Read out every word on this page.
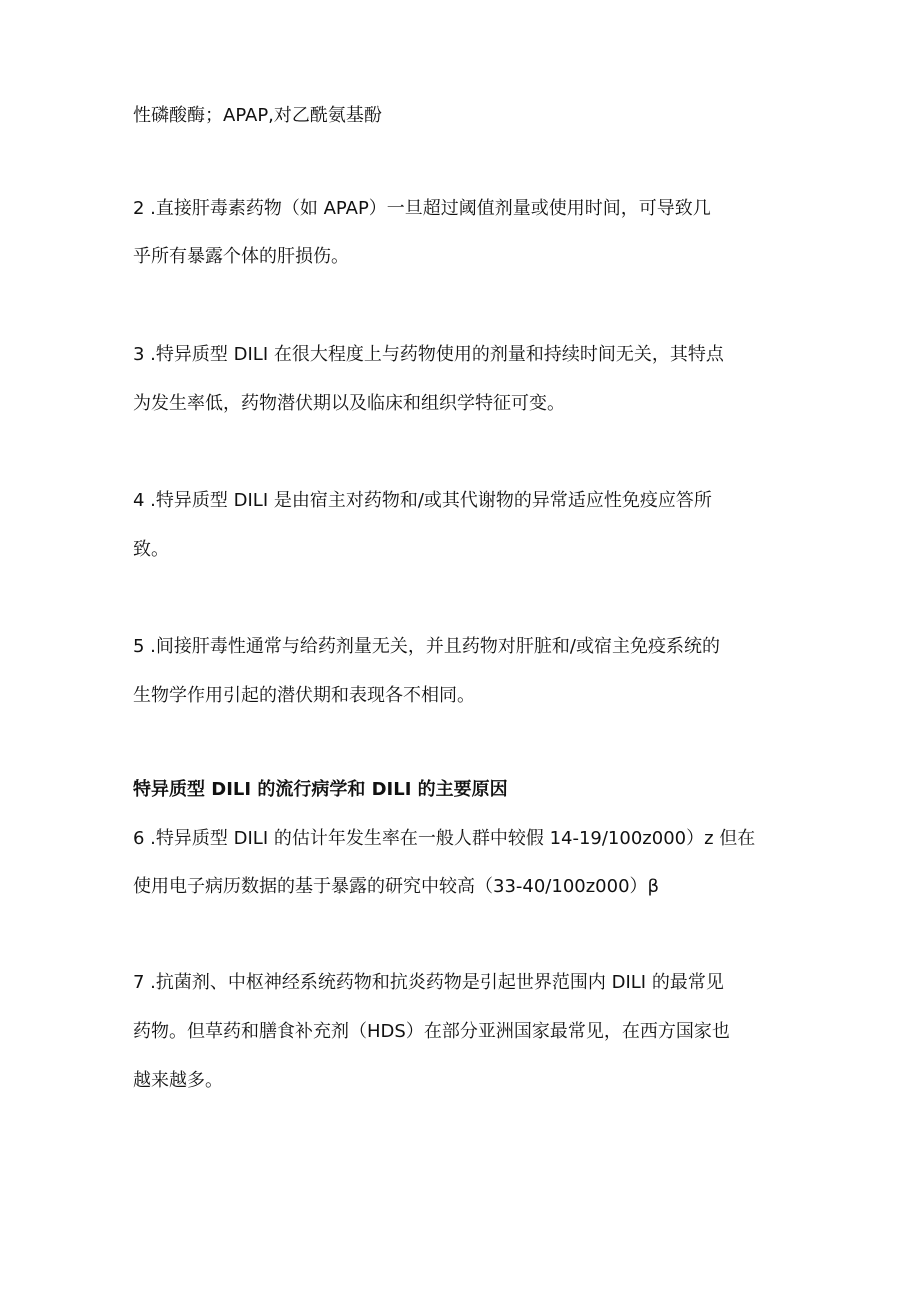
性磷酸酶；APAP,对乙酰氨基酚
2 .直接肝毒素药物（如 APAP）一旦超过阈值剂量或使用时间，可导致几
乎所有暴露个体的肝损伤。
3 .特异质型 DILI 在很大程度上与药物使用的剂量和持续时间无关，其特点
为发生率低，药物潜伏期以及临床和组织学特征可变。
4 .特异质型 DILI 是由宿主对药物和/或其代谢物的异常适应性免疫应答所
致。
5 .间接肝毒性通常与给药剂量无关，并且药物对肝脏和/或宿主免疫系统的
生物学作用引起的潜伏期和表现各不相同。
特异质型 DILI 的流行病学和 DILI 的主要原因
6 .特异质型 DILI 的估计年发生率在一般人群中较假 14-19/100z000）z 但在
使用电子病历数据的基于暴露的研究中较高（33-40/100z000）β
7 .抗菌剂、中枢神经系统药物和抗炎药物是引起世界范围内 DILI 的最常见
药物。但草药和膳食补充剂（HDS）在部分亚洲国家最常见，在西方国家也
越来越多。
